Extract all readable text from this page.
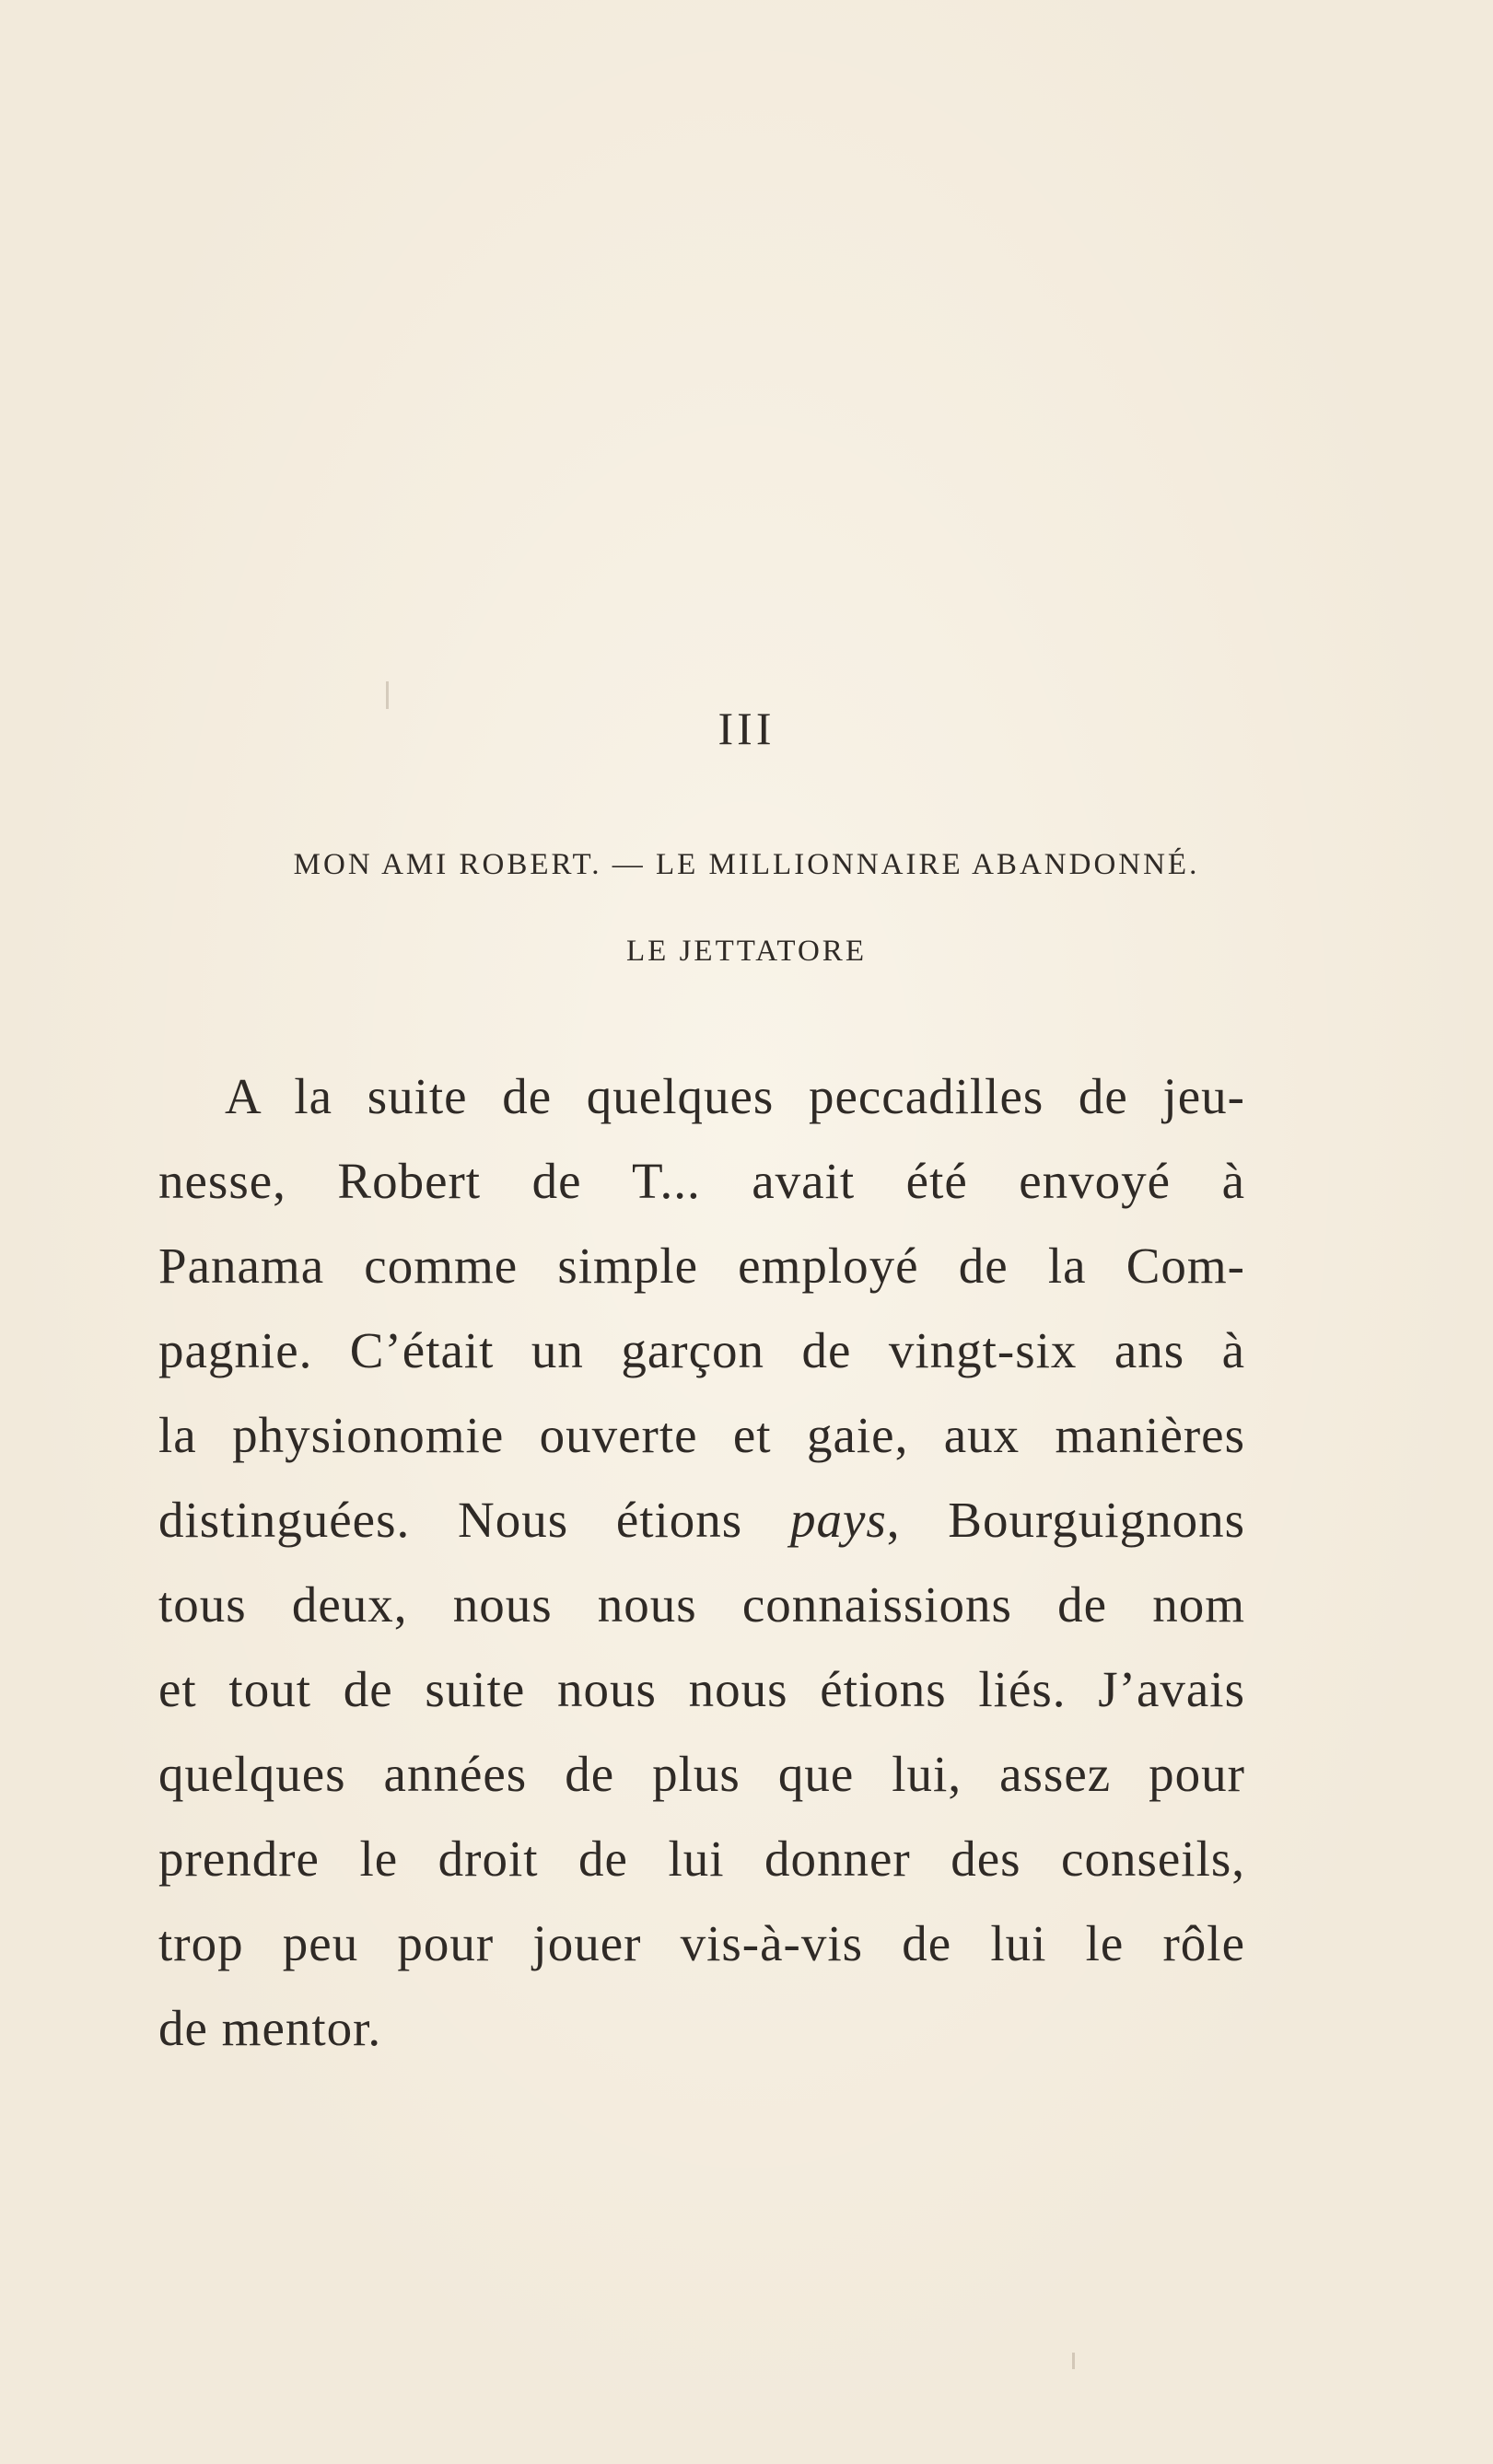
III
MON AMI ROBERT. — LE MILLIONNAIRE ABANDONNÉ.
LE JETTATORE
A la suite de quelques peccadilles de jeu-
nesse, Robert de T... avait été envoyé à
Panama comme simple employé de la Com-
pagnie. C’était un garçon de vingt-six ans à
la physionomie ouverte et gaie, aux manières
distinguées. Nous étions pays, Bourguignons
tous deux, nous nous connaissions de nom
et tout de suite nous nous étions liés. J’avais
quelques années de plus que lui, assez pour
prendre le droit de lui donner des conseils,
trop peu pour jouer vis-à-vis de lui le rôle
de mentor.
